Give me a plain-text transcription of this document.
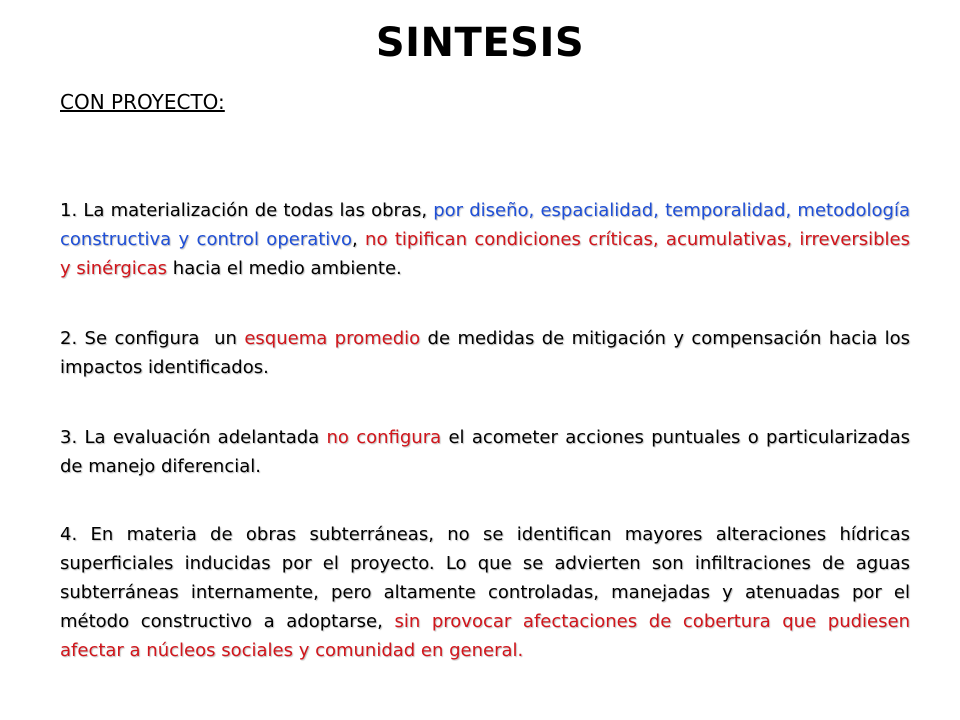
SINTESIS
CON PROYECTO:

1. La materialización de todas las obras, por diseño, espacialidad, temporalidad, metodología constructiva y control operativo, no tipifican condiciones críticas, acumulativas, irreversibles y sinérgicas hacia el medio ambiente.

2. Se configura  un esquema promedio de medidas de mitigación y compensación hacia los impactos identificados.

3. La evaluación adelantada no configura el acometer acciones puntuales o particularizadas de manejo diferencial.

4. En materia de obras subterráneas, no se identifican mayores alteraciones hídricas superficiales inducidas por el proyecto. Lo que se advierten son infiltraciones de aguas subterráneas internamente, pero altamente controladas, manejadas y atenuadas por el método constructivo a adoptarse, sin provocar afectaciones de cobertura que pudiesen afectar a núcleos sociales y comunidad en general.
